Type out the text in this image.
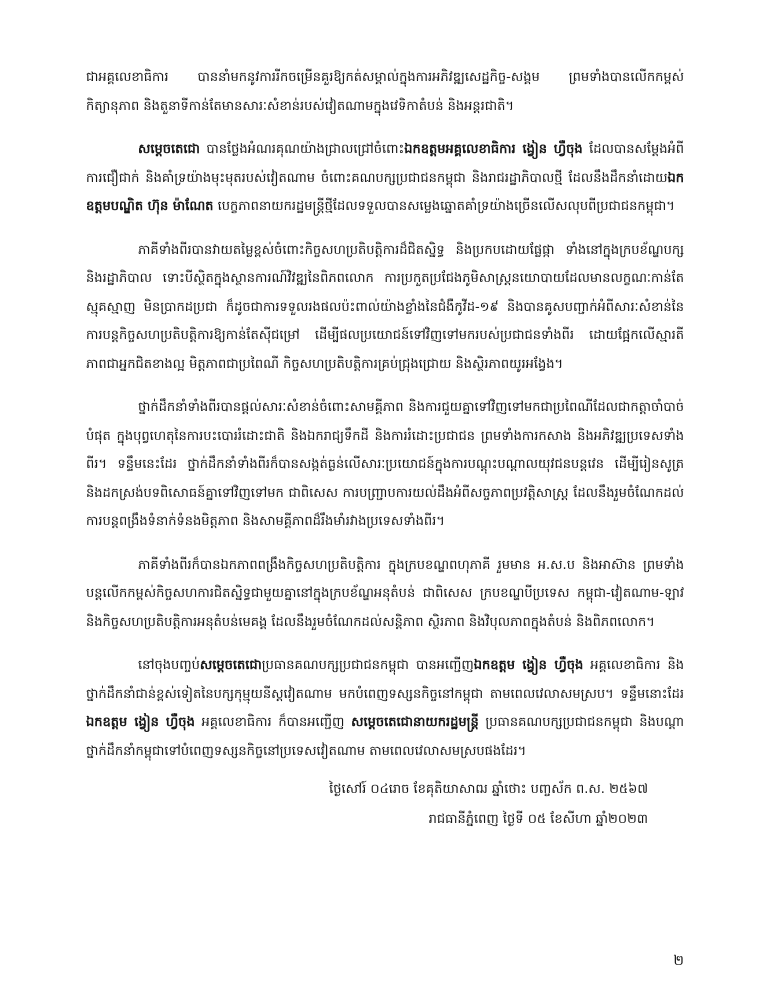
ជាអគ្គលេខាធិការ បាននាំមកនូវការរីកចម្រើនគួរឱ្យកត់សម្គាល់ក្នុងការអភិវឌ្ឍសេដ្ឋកិច្ច-សង្គម ព្រមទាំងបានលើកកម្ពស់កិត្យានុភាព និងតួនាទីកាន់តែមានសារៈសំខាន់របស់វៀតណាមក្នុងវេទិកាតំបន់ និងអន្តរជាតិ។

សម្តេចតេជោ បានថ្លែងអំណរគុណយ៉ាងជ្រាលជ្រៅចំពោះឯកឧត្តមអគ្គលេខាធិការ ង្វៀន ហ្វឺចុង ដែលបានសម្តែងអំពីការជឿជាក់ និងគាំទ្រយ៉ាងមុះមុតរបស់វៀតណាម ចំពោះគណបក្សប្រជាជនកម្ពុជា និងរាជរដ្ឋាភិបាលថ្មី ដែលនឹងដឹកនាំដោយឯកឧត្តមបណ្ឌិត ហ៊ុន ម៉ាណែត បេក្ខភាពនាយករដ្ឋមន្ត្រីថ្មីដែលទទួលបានសម្លេងឆ្នោតគាំទ្រយ៉ាងច្រើនលើសលុបពីប្រជាជនកម្ពុជា។

ភាគីទាំងពីរបានវាយតម្លៃខ្ពស់ចំពោះកិច្ចសហប្រតិបត្តិការដ៏ជិតស្និទ្ធ និងប្រកបដោយផ្លែផ្កា ទាំងនៅក្នុងក្របខ័ណ្ឌបក្ស និងរដ្ឋាភិបាល ទោះបីស្ថិតក្នុងស្ថានការណ៍វិវឌ្ឍនៃពិភពលោក ការប្រកួតប្រជែងភូមិសាស្ត្រនយោបាយដែលមានលក្ខណៈកាន់តែស្មុគស្មាញ មិនប្រាកដប្រជា ក៏ដូចជាការទទួលរងផលប៉ះពាល់យ៉ាងខ្លាំងនៃជំងឺកូវីដ-១៩ និងបានគូសបញ្ជាក់អំពីសារៈសំខាន់នៃការបន្តកិច្ចសហប្រតិបត្តិការឱ្យកាន់តែស៊ីជម្រៅ ដើម្បីផលប្រយោជន៍ទៅវិញទៅមករបស់ប្រជាជនទាំងពីរ ដោយផ្អែកលើស្មារតីភាពជាអ្នកជិតខាងល្អ មិត្តភាពជាប្រពៃណី កិច្ចសហប្រតិបត្តិការគ្រប់ជ្រុងជ្រោយ និងស្ថិរភាពយូរអង្វែង។

ថ្នាក់ដឹកនាំទាំងពីរបានផ្តល់សារៈសំខាន់ចំពោះសាមគ្គីភាព និងការជួយគ្នាទៅវិញទៅមកជាប្រពៃណីដែលជាកត្តាចាំបាច់បំផុត ក្នុងបុព្វហេតុនៃការបះបោររំដោះជាតិ និងឯករាជ្យទឹកដី និងការរំដោះប្រជាជន ព្រមទាំងការកសាង និងអភិវឌ្ឍប្រទេសទាំងពីរ។ ទន្ទឹមនេះដែរ ថ្នាក់ដឹកនាំទាំងពីរក៏បានសង្កត់ធ្ងន់លើសារៈប្រយោជន៍ក្នុងការបណ្តុះបណ្តាលយុវជនបន្តវេន ដើម្បីរៀនសូត្រ និងដកស្រង់បទពិសោធន៍គ្នាទៅវិញទៅមក ជាពិសេស ការបញ្ជ្រាបការយល់ដឹងអំពីសច្ចភាពប្រវត្តិសាស្ត្រ ដែលនឹងរួមចំណែកដល់ការបន្តពង្រឹងទំនាក់ទំនងមិត្តភាព និងសាមគ្គីភាពដ៏រឹងមាំរវាងប្រទេសទាំងពីរ។

ភាគីទាំងពីរក៏បានឯកភាពពង្រឹងកិច្ចសហប្រតិបត្តិការ ក្នុងក្របខណ្ឌពហុភាគី រួមមាន អ.ស.ប និងអាស៊ាន ព្រមទាំងបន្តលើកកម្ពស់កិច្ចសហការជិតស្និទ្ធជាមួយគ្នានៅក្នុងក្របខ័ណ្ឌអនុតំបន់ ជាពិសេស ក្របខណ្ឌបីប្រទេស កម្ពុជា-វៀតណាម-ឡាវ និងកិច្ចសហប្រតិបត្តិការអនុតំបន់មេគង្គ ដែលនឹងរួមចំណែកដល់សន្តិភាព ស្ថិរភាព និងវិបុលភាពក្នុងតំបន់ និងពិភពលោក។

នៅចុងបញ្ចប់សម្តេចតេជោប្រធានគណបក្សប្រជាជនកម្ពុជា បានអញ្ជើញឯកឧត្តម ង្វៀន ហ្វឺចុង អគ្គលេខាធិការ និងថ្នាក់ដឹកនាំជាន់ខ្ពស់ទៀតនៃបក្សកុម្មុយនីស្តវៀតណាម មកបំពេញទស្សនកិច្ចនៅកម្ពុជា តាមពេលវេលាសមស្រប។ ទន្ទឹមនោះដែរ ឯកឧត្តម ង្វៀន ហ្វឺចុង អគ្គលេខាធិការ ក៏បានអញ្ជើញ សម្តេចតេជោនាយករដ្ឋមន្ត្រី ប្រធានគណបក្សប្រជាជនកម្ពុជា និងបណ្តាថ្នាក់ដឹកនាំកម្ពុជាទៅបំពេញទស្សនកិច្ចនៅប្រទេសវៀតណាម តាមពេលវេលាសមស្របផងដែរ។

ថ្ងៃសៅរ៍ ០៤រោច ខែគុតិយាសាឍ ឆ្នាំថោះ បញ្ចស័ក ព.ស. ២៥៦៧
រាជធានីភ្នំពេញ ថ្ងៃទី ០៥ ខែសីហា ឆ្នាំ២០២៣
២
